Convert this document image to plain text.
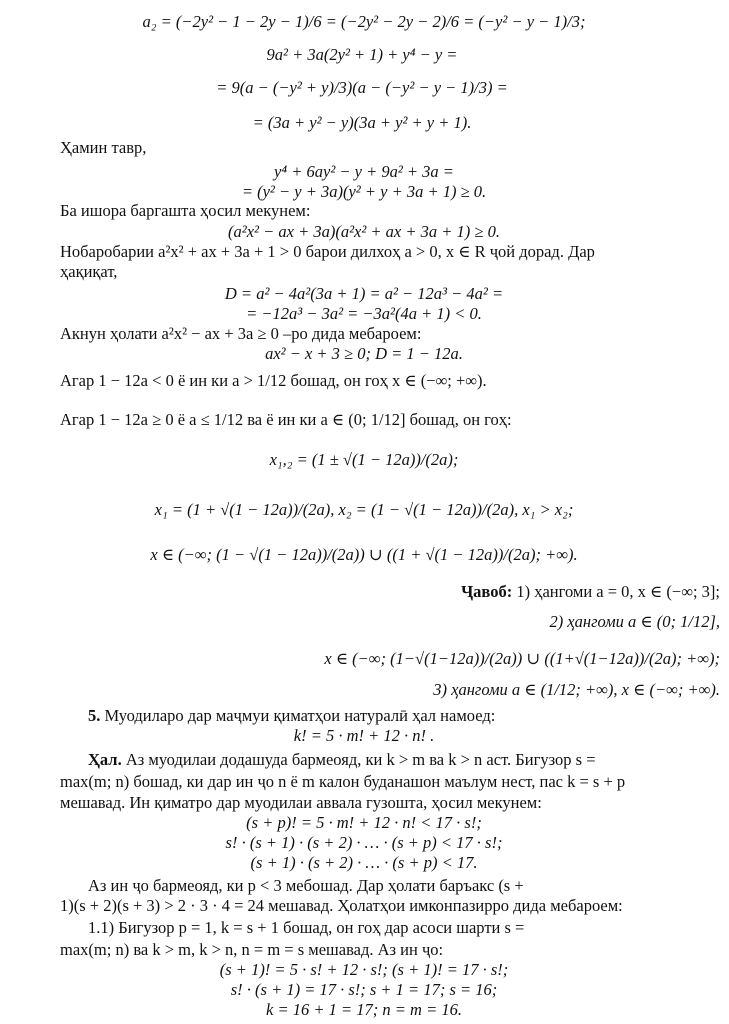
a₂ = (−2y² − 1 − 2y − 1)/6 = (−2y² − 2y − 2)/6 = (−y² − y − 1)/3;
9a² + 3a(2y² + 1) + y⁴ − y =
= 9(a − (−y² + y)/3)(a − (−y² − y − 1)/3) =
= (3a + y² − y)(3a + y² + y + 1).
Ҳамин тавр,
y⁴ + 6ay² − y + 9a² + 3a =
= (y² − y + 3a)(y² + y + 3a + 1) ≥ 0.
Ба ишора баргашта ҳосил мекунем:
(a²x² − ax + 3a)(a²x² + ax + 3a + 1) ≥ 0.
Нобаробарии a²x² + ax + 3a + 1 > 0 барои дилхоҳ a > 0, x ∈ R ҷой дорад. Дар
ҳақиқат,
D = a² − 4a²(3a + 1) = a² − 12a³ − 4a² =
= −12a³ − 3a² = −3a²(4a + 1) < 0.
Акнун ҳолати a²x² − ax + 3a ≥ 0 –ро дида мебароем:
ax² − x + 3 ≥ 0; D = 1 − 12a.
Агар 1 − 12a < 0 ё ин ки a > 1/12 бошад, он гоҳ x ∈ (−∞; +∞).
Агар 1 − 12a ≥ 0 ё a ≤ 1/12 ва ё ин ки a ∈ (0; 1/12] бошад, он гоҳ:
x₁,₂ = (1 ± √(1 − 12a))/(2a);
x₁ = (1 + √(1 − 12a))/(2a), x₂ = (1 − √(1 − 12a))/(2a), x₁ > x₂;
x ∈ (−∞; (1 − √(1 − 12a))/(2a)) ∪ ((1 + √(1 − 12a))/(2a); +∞).
Ҷавоб: 1) ҳангоми a = 0, x ∈ (−∞; 3];
2) ҳангоми a ∈ (0; 1/12],
x ∈ (−∞; (1−√(1−12a))/(2a)) ∪ ((1+√(1−12a))/(2a); +∞);
3) ҳангоми a ∈ (1/12; +∞), x ∈ (−∞; +∞).
5. Муодиларо дар маҷмуи қиматҳои натуралӣ ҳал намоед:
k! = 5 · m! + 12 · n! .
Ҳал. Аз муодилаи додашуда бармеояд, ки k > m ва k > n аст. Бигузор s =
max(m; n) бошад, ки дар ин ҷо n ё m калон буданашон маълум нест, пас k = s + p
мешавад. Ин қиматро дар муодилаи аввала гузошта, ҳосил мекунем:
(s + p)! = 5 · m! + 12 · n! < 17 · s!;
s! · (s + 1) · (s + 2) · … · (s + p) < 17 · s!;
(s + 1) · (s + 2) · … · (s + p) < 17.
Аз ин ҷо бармеояд, ки p < 3 мебошад. Дар ҳолати баръакс (s +
1)(s + 2)(s + 3) > 2 · 3 · 4 = 24 мешавад. Ҳолатҳои имконпазирро дида мебароем:
1.1) Бигузор p = 1, k = s + 1 бошад, он гоҳ дар асоси шарти s =
max(m; n) ва k > m, k > n, n = m = s мешавад. Аз ин ҷо:
(s + 1)! = 5 · s! + 12 · s!; (s + 1)! = 17 · s!;
s! · (s + 1) = 17 · s!; s + 1 = 17; s = 16;
k = 16 + 1 = 17; n = m = 16.
